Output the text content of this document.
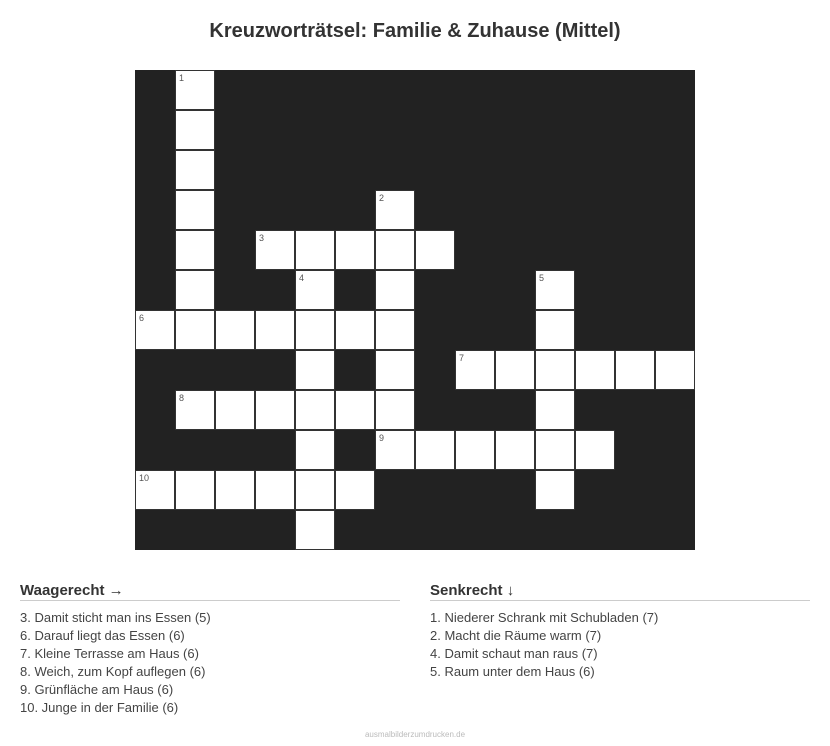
Kreuzworträtsel: Familie & Zuhause (Mittel)
1
2
3
4	5
6
7
8
9
10
Waagerecht →
3. Damit sticht man ins Essen (5)
6. Darauf liegt das Essen (6)
7. Kleine Terrasse am Haus (6)
8. Weich, zum Kopf auflegen (6)
9. Grünfläche am Haus (6)
10. Junge in der Familie (6)
Senkrecht ↓
1. Niederer Schrank mit Schubladen (7)
2. Macht die Räume warm (7)
4. Damit schaut man raus (7)
5. Raum unter dem Haus (6)
ausmalbilderzumdrucken.de
